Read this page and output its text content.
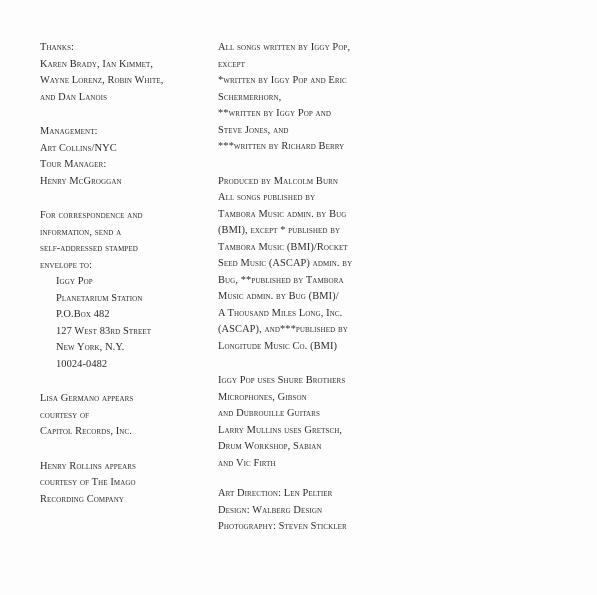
Thanks:
Karen Brady, Ian Kimmet,
Wayne Lorenz, Robin White,
and Dan Lanois
Management:
Art Collins/NYC
Tour Manager:
Henry McGroggan
For correspondence and
information, send a
self-addressed stamped
envelope to:
Iggy Pop
Planetarium Station
P.O.Box 482
127 West 83rd Street
New York, N.Y.
10024-0482
Lisa Germano appears
courtesy of
Capitol Records, Inc.
Henry Rollins appears
courtesy of The Imago
Recording Company
All songs written by Iggy Pop,
except
*written by Iggy Pop and Eric
Schermerhorn,
**written by Iggy Pop and
Steve Jones, and
***written by Richard Berry
Produced by Malcolm Burn
All songs published by
Tambora Music admin. by Bug
(BMI), except * published by
Tambora Music (BMI)/Rocket
Seed Music (ASCAP) admin. by
Bug, **published by Tambora
Music admin. by Bug (BMI)/
A Thousand Miles Long, Inc.
(ASCAP), and***published by
Longitude Music Co. (BMI)
Iggy Pop uses Shure Brothers
Microphones, Gibson
and Dubrouille Guitars
Larry Mullins uses Gretsch,
Drum Workshop, Sabian
and Vic Firth
Art Direction: Len Peltier
Design: Walberg Design
Photography: Steven Stickler
